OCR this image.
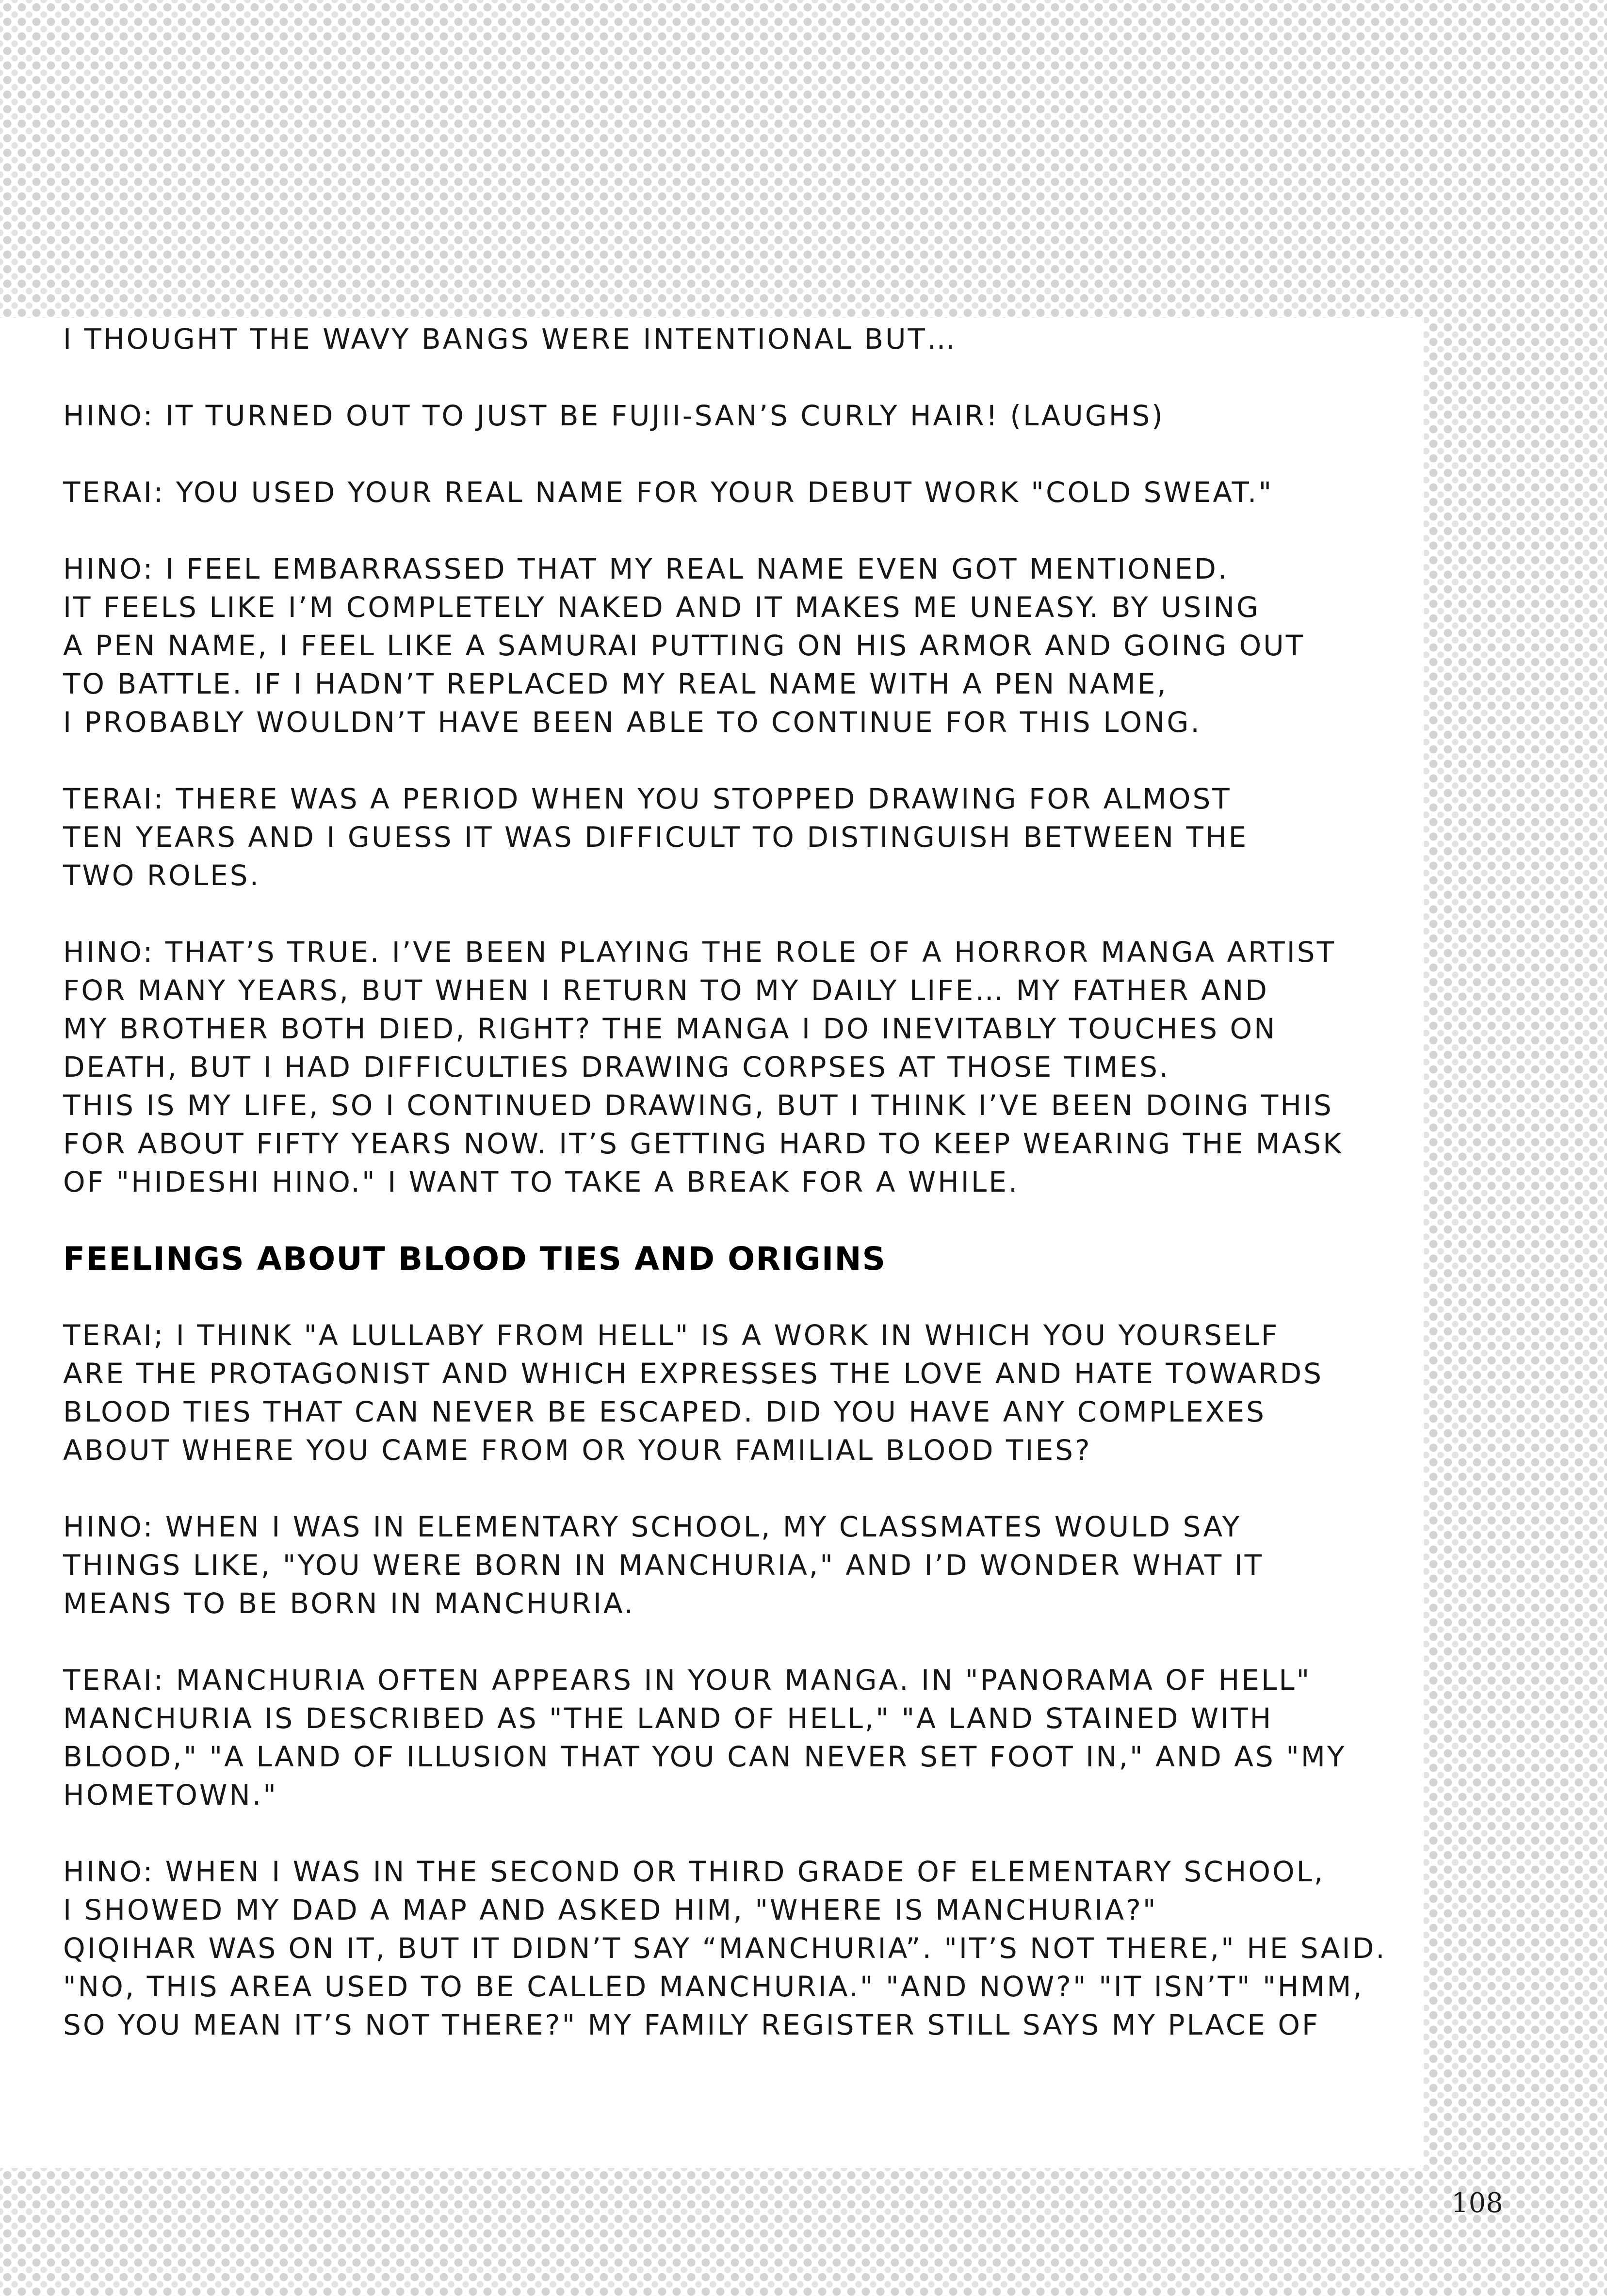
I THOUGHT THE WAVY BANGS WERE INTENTIONAL BUT…

HINO: IT TURNED OUT TO JUST BE FUJII-SAN’S CURLY HAIR! (LAUGHS)

TERAI: YOU USED YOUR REAL NAME FOR YOUR DEBUT WORK "COLD SWEAT."

HINO: I FEEL EMBARRASSED THAT MY REAL NAME EVEN GOT MENTIONED.
IT FEELS LIKE I’M COMPLETELY NAKED AND IT MAKES ME UNEASY. BY USING
A PEN NAME, I FEEL LIKE A SAMURAI PUTTING ON HIS ARMOR AND GOING OUT
TO BATTLE. IF I HADN’T REPLACED MY REAL NAME WITH A PEN NAME,
I PROBABLY WOULDN’T HAVE BEEN ABLE TO CONTINUE FOR THIS LONG.

TERAI: THERE WAS A PERIOD WHEN YOU STOPPED DRAWING FOR ALMOST
TEN YEARS AND I GUESS IT WAS DIFFICULT TO DISTINGUISH BETWEEN THE
TWO ROLES.

HINO: THAT’S TRUE. I’VE BEEN PLAYING THE ROLE OF A HORROR MANGA ARTIST
FOR MANY YEARS, BUT WHEN I RETURN TO MY DAILY LIFE… MY FATHER AND
MY BROTHER BOTH DIED, RIGHT? THE MANGA I DO INEVITABLY TOUCHES ON
DEATH, BUT I HAD DIFFICULTIES DRAWING CORPSES AT THOSE TIMES.
THIS IS MY LIFE, SO I CONTINUED DRAWING, BUT I THINK I’VE BEEN DOING THIS
FOR ABOUT FIFTY YEARS NOW. IT’S GETTING HARD TO KEEP WEARING THE MASK
OF "HIDESHI HINO." I WANT TO TAKE A BREAK FOR A WHILE.

FEELINGS ABOUT BLOOD TIES AND ORIGINS

TERAI; I THINK "A LULLABY FROM HELL" IS A WORK IN WHICH YOU YOURSELF
ARE THE PROTAGONIST AND WHICH EXPRESSES THE LOVE AND HATE TOWARDS
BLOOD TIES THAT CAN NEVER BE ESCAPED. DID YOU HAVE ANY COMPLEXES
ABOUT WHERE YOU CAME FROM OR YOUR FAMILIAL BLOOD TIES?

HINO: WHEN I WAS IN ELEMENTARY SCHOOL, MY CLASSMATES WOULD SAY
THINGS LIKE, "YOU WERE BORN IN MANCHURIA," AND I’D WONDER WHAT IT
MEANS TO BE BORN IN MANCHURIA.

TERAI: MANCHURIA OFTEN APPEARS IN YOUR MANGA. IN "PANORAMA OF HELL"
MANCHURIA IS DESCRIBED AS "THE LAND OF HELL," "A LAND STAINED WITH
BLOOD," "A LAND OF ILLUSION THAT YOU CAN NEVER SET FOOT IN," AND AS "MY
HOMETOWN."

HINO: WHEN I WAS IN THE SECOND OR THIRD GRADE OF ELEMENTARY SCHOOL,
I SHOWED MY DAD A MAP AND ASKED HIM, "WHERE IS MANCHURIA?"
QIQIHAR WAS ON IT, BUT IT DIDN’T SAY “MANCHURIA”. "IT’S NOT THERE," HE SAID.
"NO, THIS AREA USED TO BE CALLED MANCHURIA." "AND NOW?" "IT ISN’T" "HMM,
SO YOU MEAN IT’S NOT THERE?" MY FAMILY REGISTER STILL SAYS MY PLACE OF

108
